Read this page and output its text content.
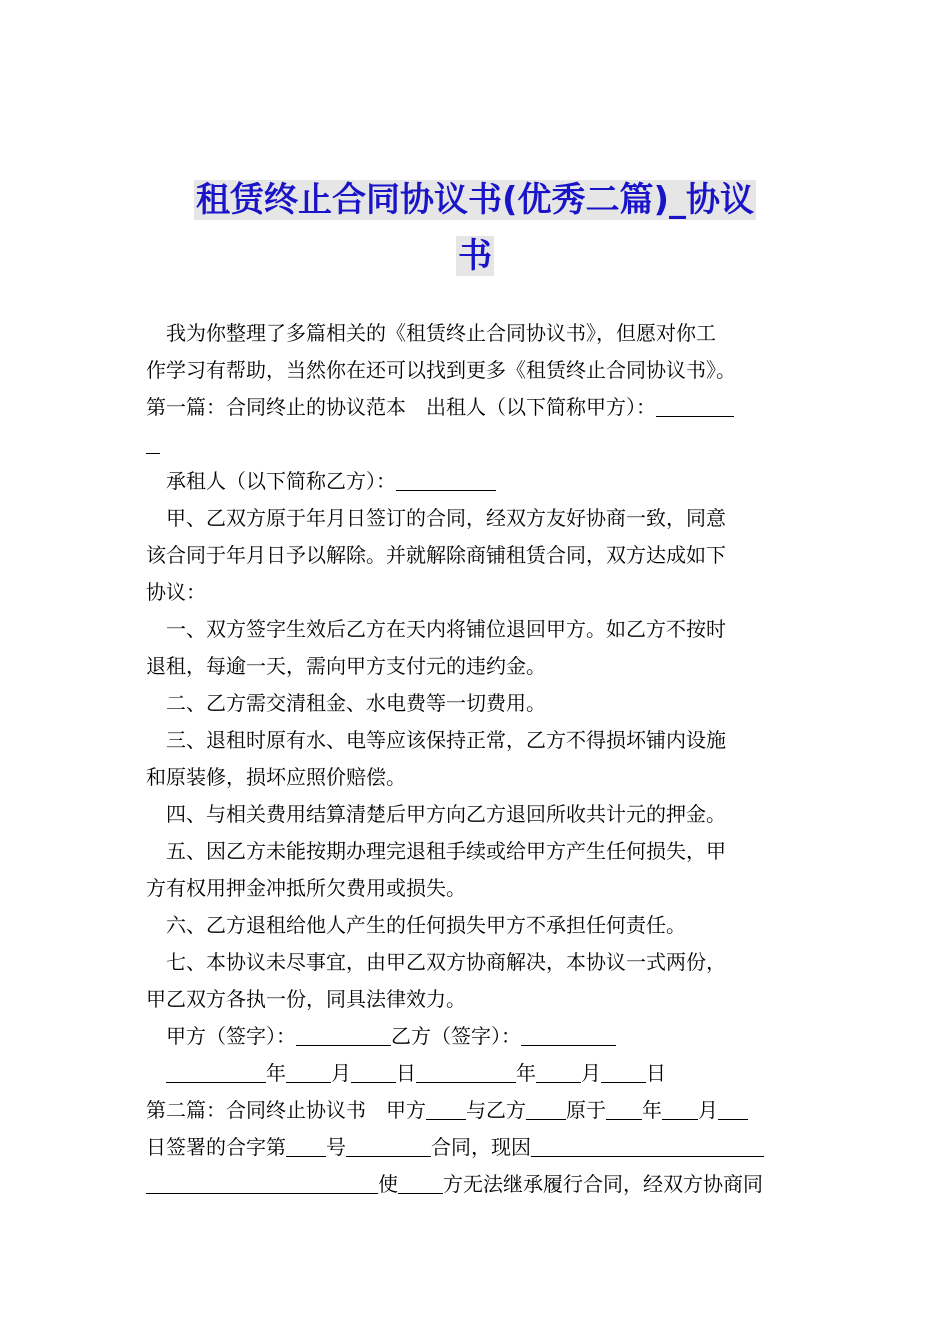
租赁终止合同协议书(优秀二篇)_协议
书

我为你整理了多篇相关的《租赁终止合同协议书》，但愿对你工

作学习有帮助，当然你在还可以找到更多《租赁终止合同协议书》。

第一篇：合同终止的协议范本　出租人（以下简称甲方）：

承租人（以下简称乙方）：

甲、乙双方原于年月日签订的合同，经双方友好协商一致，同意

该合同于年月日予以解除。并就解除商铺租赁合同，双方达成如下

协议：

一、双方签字生效后乙方在天内将铺位退回甲方。如乙方不按时

退租，每逾一天，需向甲方支付元的违约金。

二、乙方需交清租金、水电费等一切费用。

三、退租时原有水、电等应该保持正常，乙方不得损坏铺内设施

和原装修，损坏应照价赔偿。

四、与相关费用结算清楚后甲方向乙方退回所收共计元的押金。

五、因乙方未能按期办理完退租手续或给甲方产生任何损失，甲

方有权用押金冲抵所欠费用或损失。

六、乙方退租给他人产生的任何损失甲方不承担任何责任。

七、本协议未尽事宜，由甲乙双方协商解决，本协议一式两份，

甲乙双方各执一份，同具法律效力。

甲方（签字）：	乙方（签字）：

年 月 日	年 月 日

第二篇：合同终止协议书　甲方 与乙方 原于 年 月

日签署的合字第 号	合同，现因

使 方无法继承履行合同，经双方协商同
